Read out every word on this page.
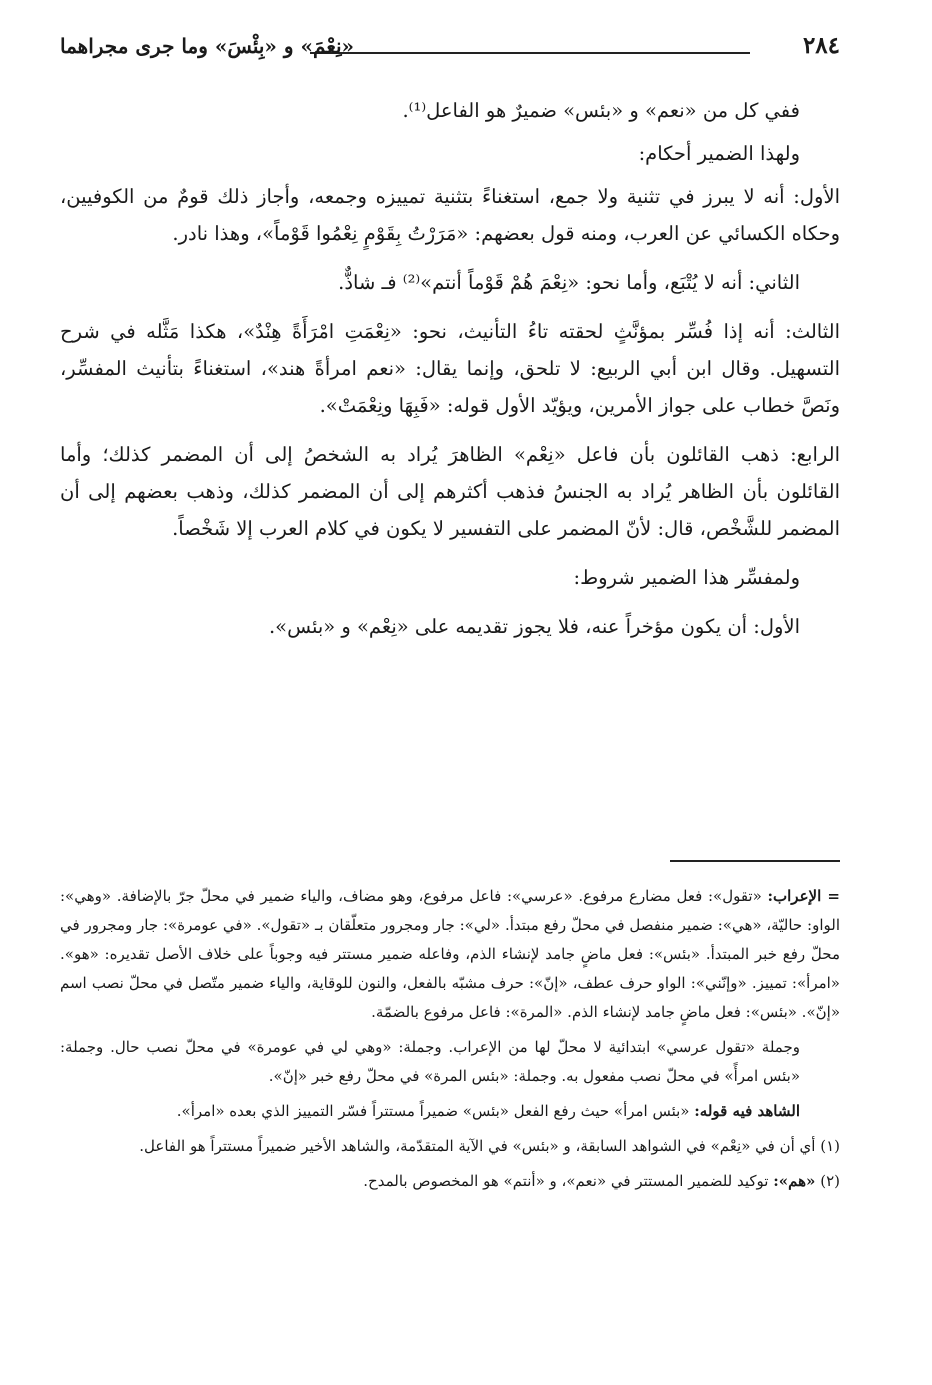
٢٨٤
«نِعْمَ» و «بِئْسَ» وما جرى مجراهما

ففي كل من «نعم» و «بئس» ضميرٌ هو الفاعل⁽¹⁾.

ولهذا الضمير أحكام:

الأول: أنه لا يبرز في تثنية ولا جمع، استغناءً بتثنية تمييزه وجمعه، وأجاز ذلك قومٌ من الكوفيين، وحكاه الكسائي عن العرب، ومنه قول بعضهم: «مَرَرْتُ بِقَوْمٍ نِعْمُوا قَوْماً»، وهذا نادر.

الثاني: أنه لا يُتْبَع، وأما نحو: «نِعْمَ هُمْ قَوْماً أنتم»⁽²⁾ فـ شاذٌّ.

الثالث: أنه إذا فُسِّر بمؤنَّثٍ لحقته تاءُ التأنيث، نحو: «نِعْمَتِ امْرَأَةً هِنْدٌ»، هكذا مَثَّله في شرح التسهيل. وقال ابن أبي الربيع: لا تلحق، وإنما يقال: «نعم امرأةً هند»، استغناءً بتأنيث المفسِّر، ونَصَّ خطاب على جواز الأمرين، ويؤيّد الأول قوله: «فَبِهَا ونِعْمَتْ».

الرابع: ذهب القائلون بأن فاعل «نِعْم» الظاهرَ يُراد به الشخصُ إلى أن المضمر كذلك؛ وأما القائلون بأن الظاهر يُراد به الجنسُ فذهب أكثرهم إلى أن المضمر كذلك، وذهب بعضهم إلى أن المضمر للشَّخْص، قال: لأنّ المضمر على التفسير لا يكون في كلام العرب إلا شَخْصاً.

ولمفسِّر هذا الضمير شروط:

الأول: أن يكون مؤخراً عنه، فلا يجوز تقديمه على «نِعْم» و «بئس».

= الإعراب: «تقول»: فعل مضارع مرفوع. «عرسي»: فاعل مرفوع، وهو مضاف، والياء ضمير في محلّ جرّ بالإضافة. «وهي»: الواو: حاليّة، «هي»: ضمير منفصل في محلّ رفع مبتدأ. «لي»: جار ومجرور متعلّقان بـ «تقول». «في عومرة»: جار ومجرور في محلّ رفع خبر المبتدأ. «بئس»: فعل ماضٍ جامد لإنشاء الذم، وفاعله ضمير مستتر فيه وجوباً على خلاف الأصل تقديره: «هو». «امرأ»: تمييز. «وإنّني»: الواو حرف عطف، «إنّ»: حرف مشبّه بالفعل، والنون للوقاية، والياء ضمير متّصل في محلّ نصب اسم «إنّ». «بئس»: فعل ماضٍ جامد لإنشاء الذم. «المرة»: فاعل مرفوع بالضمّة.

وجملة «تقول عرسي» ابتدائية لا محلّ لها من الإعراب. وجملة: «وهي لي في عومرة» في محلّ نصب حال. وجملة: «بئس امرأً» في محلّ نصب مفعول به. وجملة: «بئس المرة» في محلّ رفع خبر «إنّ».

الشاهد فيه قوله: «بئس امرأ» حيث رفع الفعل «بئس» ضميراً مستتراً فسّر التمييز الذي بعده «امرأ».

(١) أي أن في «نِعْم» في الشواهد السابقة، و «بئس» في الآية المتقدّمة، والشاهد الأخير ضميراً مستتراً هو الفاعل.

(٢) «هم»: توكيد للضمير المستتر في «نعم»، و «أنتم» هو المخصوص بالمدح.
